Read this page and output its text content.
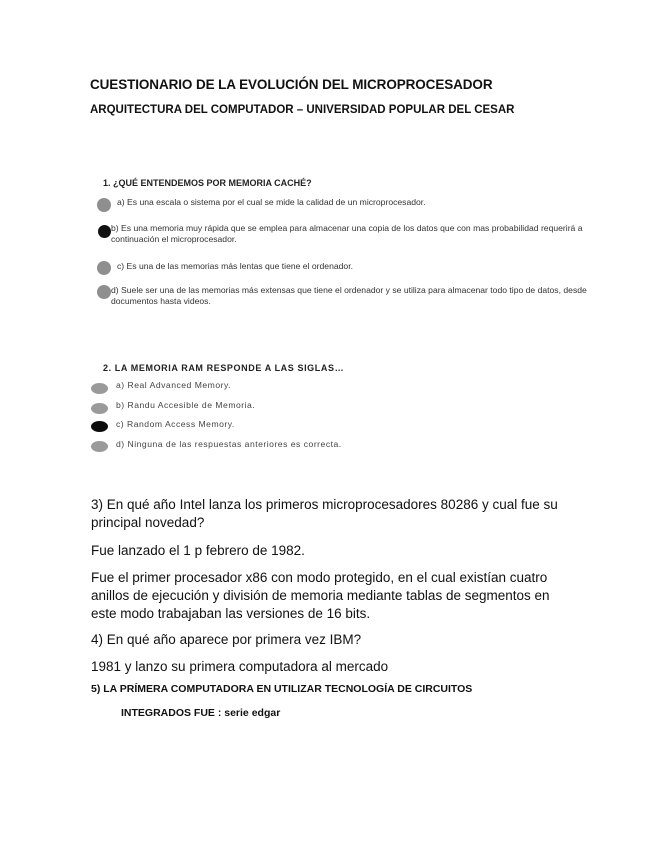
CUESTIONARIO DE LA EVOLUCIÓN DEL MICROPROCESADOR
ARQUITECTURA DEL COMPUTADOR – UNIVERSIDAD POPULAR DEL CESAR
1. ¿QUÉ ENTENDEMOS POR MEMORIA CACHÉ?
a) Es una escala o sistema por el cual se mide la calidad de un microprocesador.
b) Es una memoria muy rápida que se emplea para almacenar una copia de los datos que con mas probabilidad requerirá a continuación el microprocesador.
c) Es una de las memorias más lentas que tiene el ordenador.
d) Suele ser una de las memorias más extensas que tiene el ordenador y se utiliza para almacenar todo tipo de datos, desde documentos hasta videos.
2. LA MEMORIA RAM RESPONDE A LAS SIGLAS…
a) Real Advanced Memory.
b) Randu Accesible de Memoria.
c) Random Access Memory.
d) Ninguna de las respuestas anteriores es correcta.
3) En qué año Intel lanza los primeros microprocesadores 80286 y cual fue su principal novedad?
Fue lanzado el 1 p febrero de 1982.
Fue el primer procesador x86 con modo protegido, en el cual existían cuatro anillos de ejecución y división de memoria mediante tablas de segmentos en este modo trabajaban las versiones de 16 bits.
4) En qué año aparece por primera vez IBM?
1981 y lanzo su primera computadora al mercado
5) LA PRÍMERA COMPUTADORA EN UTILIZAR TECNOLOGÍA DE CIRCUITOS
INTEGRADOS FUE : serie edgar
